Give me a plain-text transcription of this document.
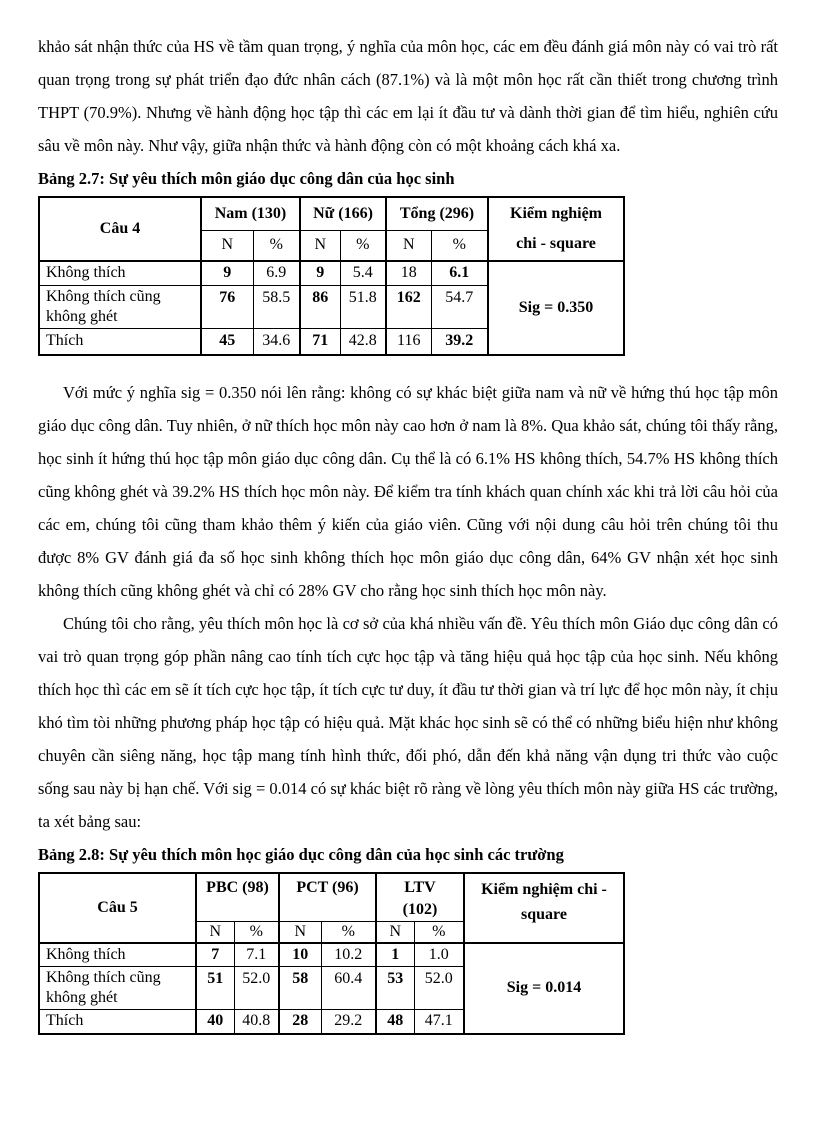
khảo sát nhận thức của HS về tầm quan trọng, ý nghĩa của môn học, các em đều đánh giá môn này có vai trò rất quan trọng trong sự phát triển đạo đức nhân cách (87.1%) và là một môn học rất cần thiết trong chương trình THPT (70.9%). Nhưng về hành động học tập thì các em lại ít đầu tư và dành thời gian để tìm hiểu, nghiên cứu sâu về môn này. Như vậy, giữa nhận thức và hành động còn có một khoảng cách khá xa.

Bảng 2.7: Sự yêu thích môn giáo dục công dân của học sinh

Câu 4	Nam (130)		Nữ (166)		Tổng (296)		Kiểm nghiệm chi - square

	N	%	N	%	N	%	
Không thích	9	6.9	9	5.4	18	6.1	Sig = 0.350
Không thích cũng không ghét	76	58.5	86	51.8	162	54.7	
Thích	45	34.6	71	42.8	116	39.2	

Với mức ý nghĩa sig = 0.350 nói lên rằng: không có sự khác biệt giữa nam và nữ về hứng thú học tập môn giáo dục công dân. Tuy nhiên, ở nữ thích học môn này cao hơn ở nam là 8%. Qua khảo sát, chúng tôi thấy rằng, học sinh ít hứng thú học tập môn giáo dục công dân. Cụ thể là có 6.1% HS không thích, 54.7% HS không thích cũng không ghét và 39.2% HS thích học môn này. Để kiểm tra tính khách quan chính xác khi trả lời câu hỏi của các em, chúng tôi cũng tham khảo thêm ý kiến của giáo viên. Cũng với nội dung câu hỏi trên chúng tôi thu được 8% GV đánh giá đa số học sinh không thích học môn giáo dục công dân, 64% GV nhận xét học sinh không thích cũng không ghét và chỉ có 28% GV cho rằng học sinh thích học môn này.

Chúng tôi cho rằng, yêu thích môn học là cơ sở của khá nhiều vấn đề. Yêu thích môn Giáo dục công dân có vai trò quan trọng góp phần nâng cao tính tích cực học tập và tăng hiệu quả học tập của học sinh. Nếu không thích học thì các em sẽ ít tích cực học tập, ít tích cực tư duy, ít đầu tư thời gian và trí lực để học môn này, ít chịu khó tìm tòi những phương pháp học tập có hiệu quả. Mặt khác học sinh sẽ có thể có những biểu hiện như không chuyên cần siêng năng, học tập mang tính hình thức, đối phó, dẫn đến khả năng vận dụng tri thức vào cuộc sống sau này bị hạn chế. Với sig = 0.014 có sự khác biệt rõ ràng về lòng yêu thích môn này giữa HS các trường, ta xét bảng sau:

Bảng 2.8: Sự yêu thích môn học giáo dục công dân của học sinh các trường

Câu 5	PBC (98)		PCT (96)		LTV (102)		Kiểm nghiệm chi - square

	N	%	N	%	N	%	
Không thích	7	7.1	10	10.2	1	1.0	Sig = 0.014
Không thích cũng không ghét	51	52.0	58	60.4	53	52.0	
Thích	40	40.8	28	29.2	48	47.1	
